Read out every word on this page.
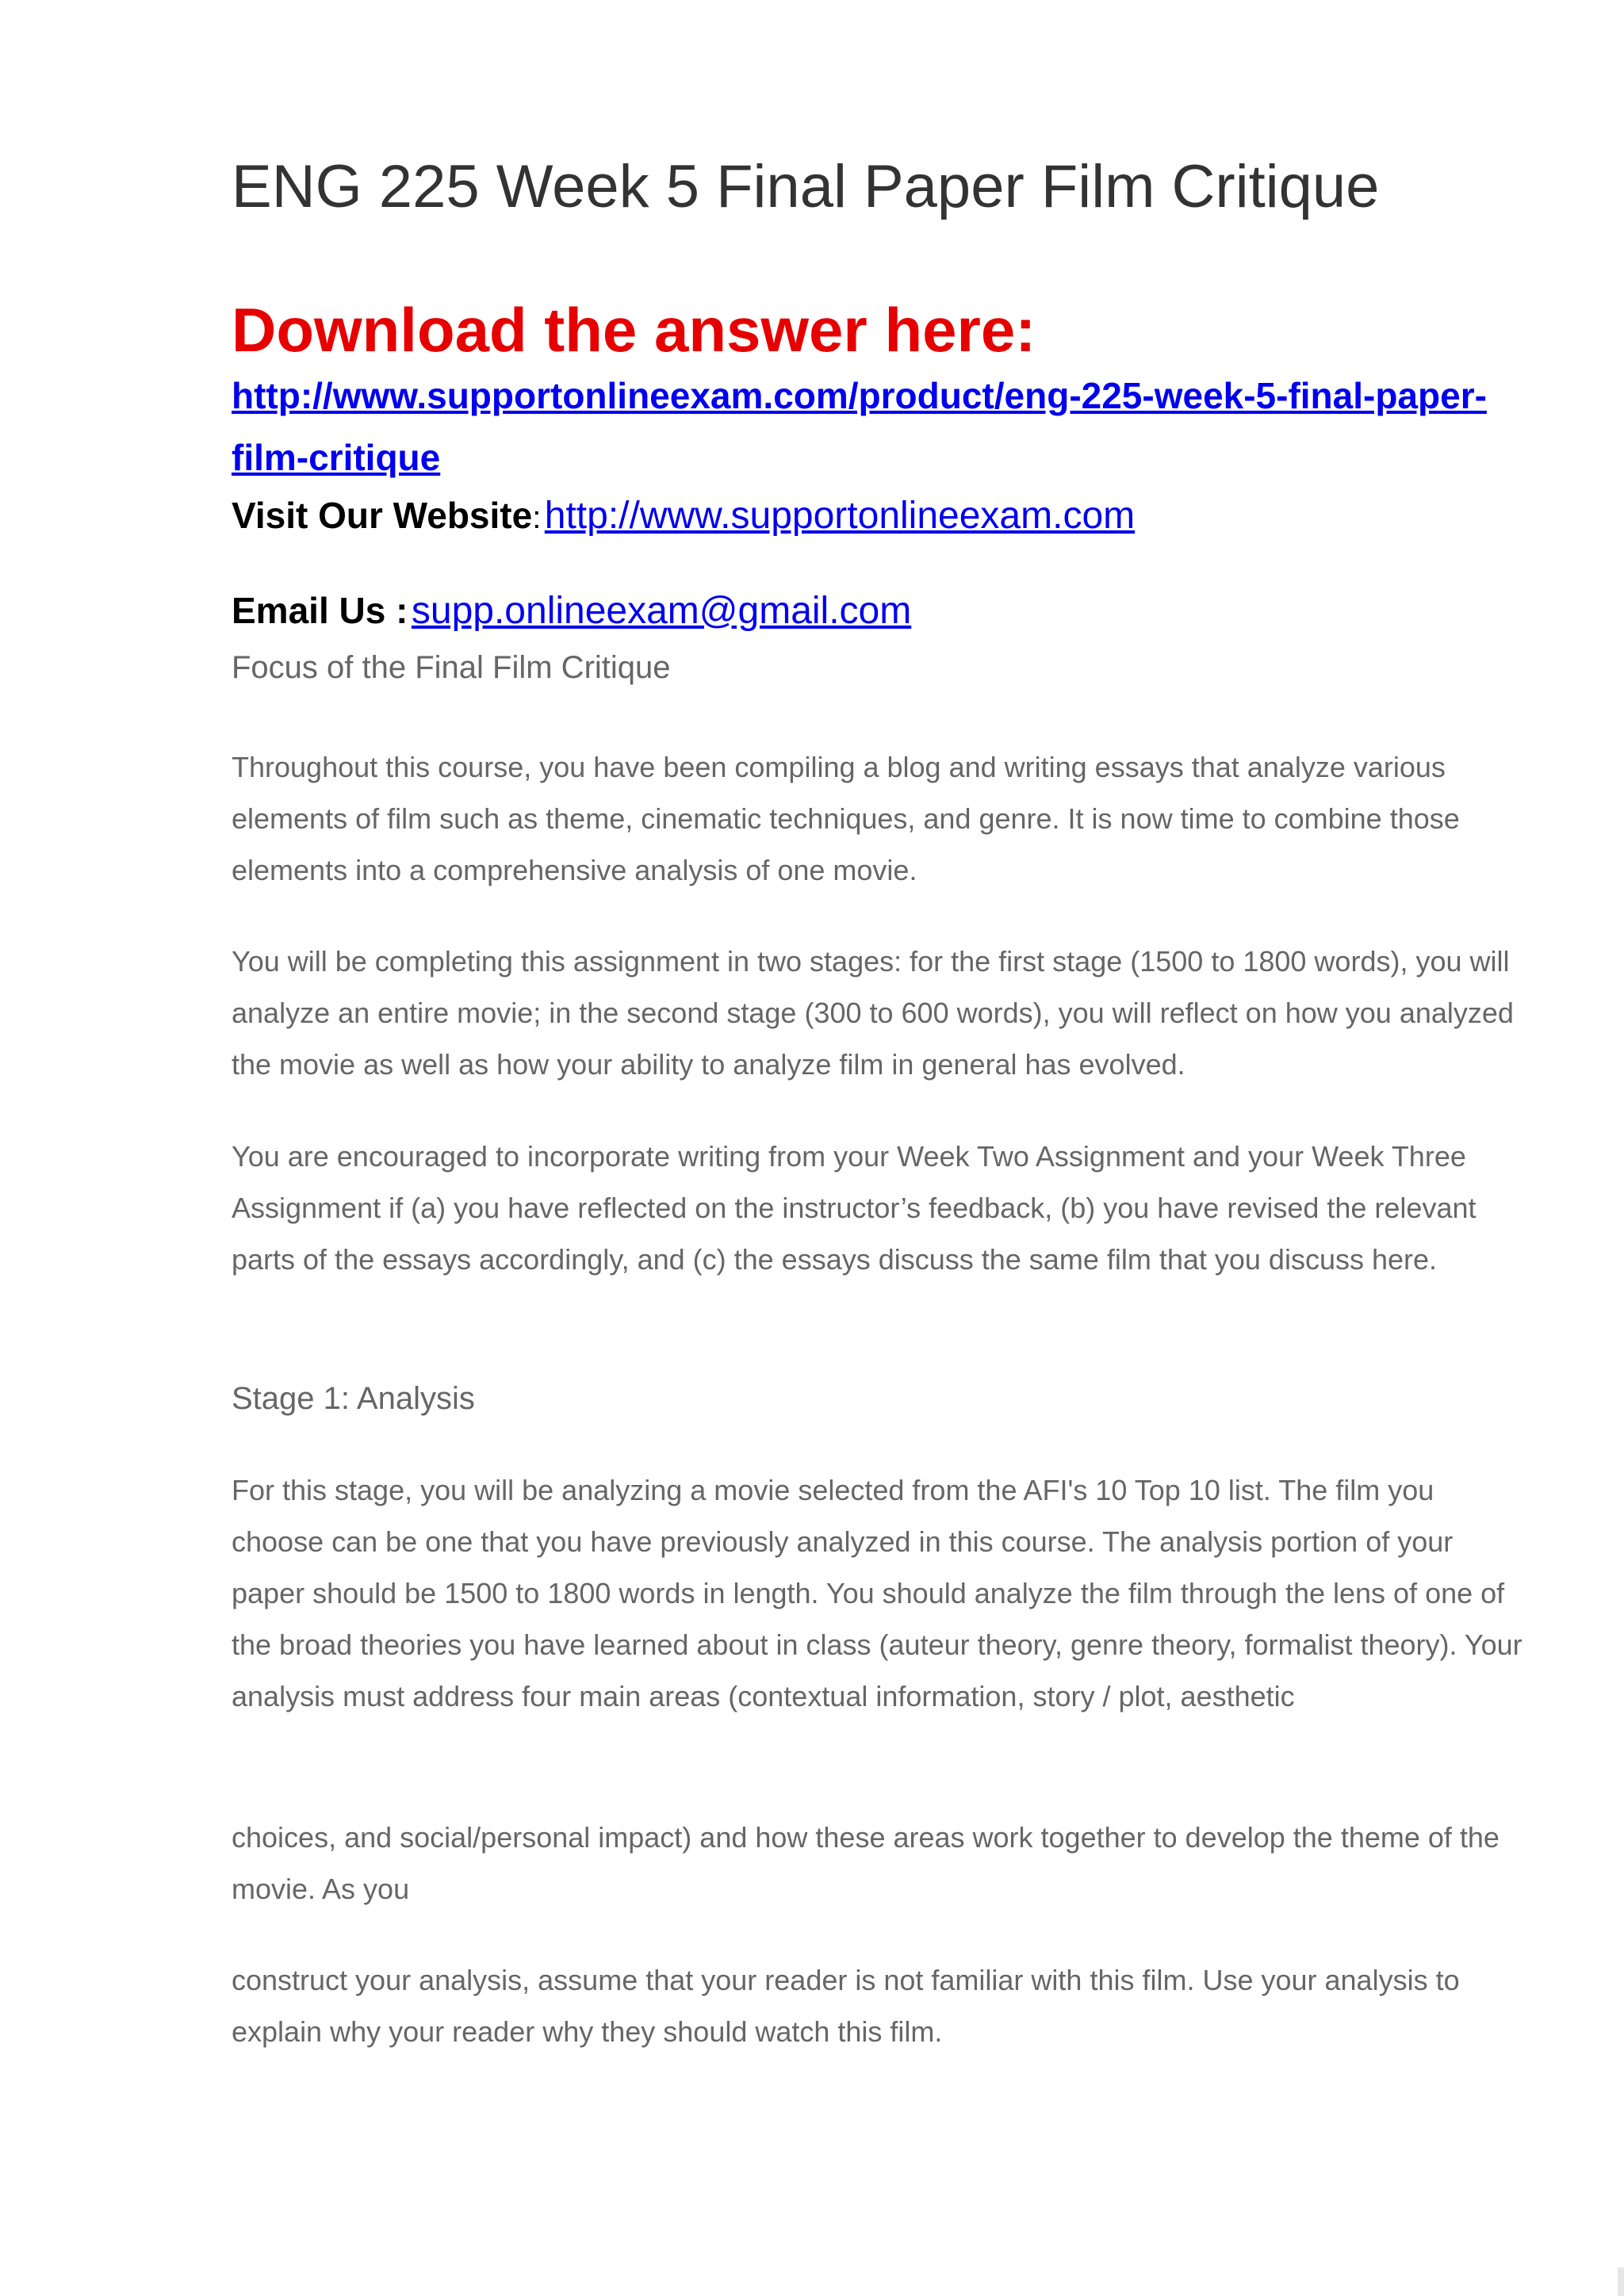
ENG 225 Week 5 Final Paper Film Critique
Download the answer here:
http://www.supportonlineexam.com/product/eng-225-week-5-final-paper-film-critique
Visit Our Website: http://www.supportonlineexam.com
Email Us : supp.onlineexam@gmail.com
Focus of the Final Film Critique

Throughout this course, you have been compiling a blog and writing essays that analyze various elements of film such as theme, cinematic techniques, and genre. It is now time to combine those elements into a comprehensive analysis of one movie.

You will be completing this assignment in two stages: for the first stage (1500 to 1800 words), you will analyze an entire movie; in the second stage (300 to 600 words), you will reflect on how you analyzed the movie as well as how your ability to analyze film in general has evolved.

You are encouraged to incorporate writing from your Week Two Assignment and your Week Three Assignment if (a) you have reflected on the instructor’s feedback, (b) you have revised the relevant parts of the essays accordingly, and (c) the essays discuss the same film that you discuss here.

Stage 1: Analysis

For this stage, you will be analyzing a movie selected from the AFI's 10 Top 10 list. The film you choose can be one that you have previously analyzed in this course. The analysis portion of your paper should be 1500 to 1800 words in length. You should analyze the film through the lens of one of the broad theories you have learned about in class (auteur theory, genre theory, formalist theory). Your analysis must address four main areas (contextual information, story / plot, aesthetic

choices, and social/personal impact) and how these areas work together to develop the theme of the movie. As you

construct your analysis, assume that your reader is not familiar with this film. Use your analysis to explain why your reader why they should watch this film.
